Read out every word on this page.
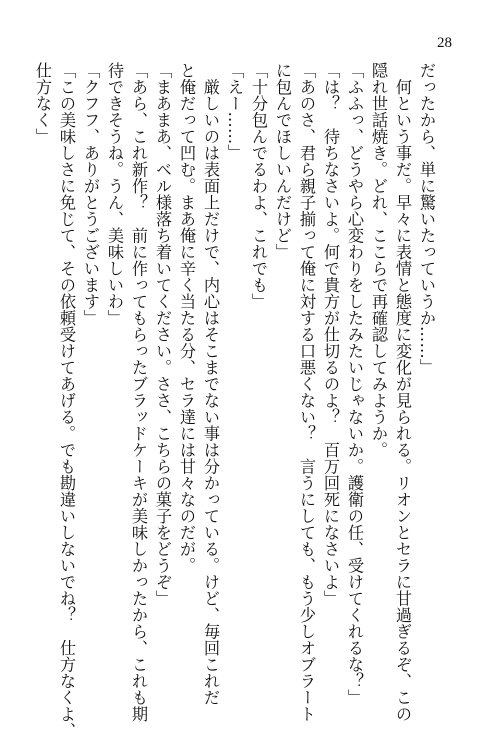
28

だったから、単に驚いたっていうか……」

　何という事だ。早々に表情と態度に変化が見られる。リオンとセラに甘過ぎるぞ、この

隠れ世話焼き。どれ、ここらで再確認してみようか。

「ふふっ、どうやら心変わりをしたみたいじゃないか。護衛の任、受けてくれるな？」

「は？　待ちなさいよ。何で貴方が仕切るのよ？　百万回死になさいよ」

「あのさ、君ら親子揃って俺に対する口悪くない？　言うにしても、もう少しオブラート

に包んでほしいんだけど」

「十分包んでるわよ、これでも」

「えー……」

　厳しいのは表面上だけで、内心はそこまでない事は分かっている。けど、毎回これだ

と俺だって凹む。まあ俺に辛く当たる分、セラ達には甘々なのだが。

「まあまあ、ベル様落ち着いてください。ささ、こちらの菓子をどうぞ」

「あら、これ新作？　前に作ってもらったブラッドケーキが美味しかったから、これも期

待できそうね。うん、美味しいわ」

「クフフ、ありがとうございます」

「この美味しさに免じて、その依頼受けてあげる。でも勘違いしないでね？　仕方なくよ、

仕方なく」
